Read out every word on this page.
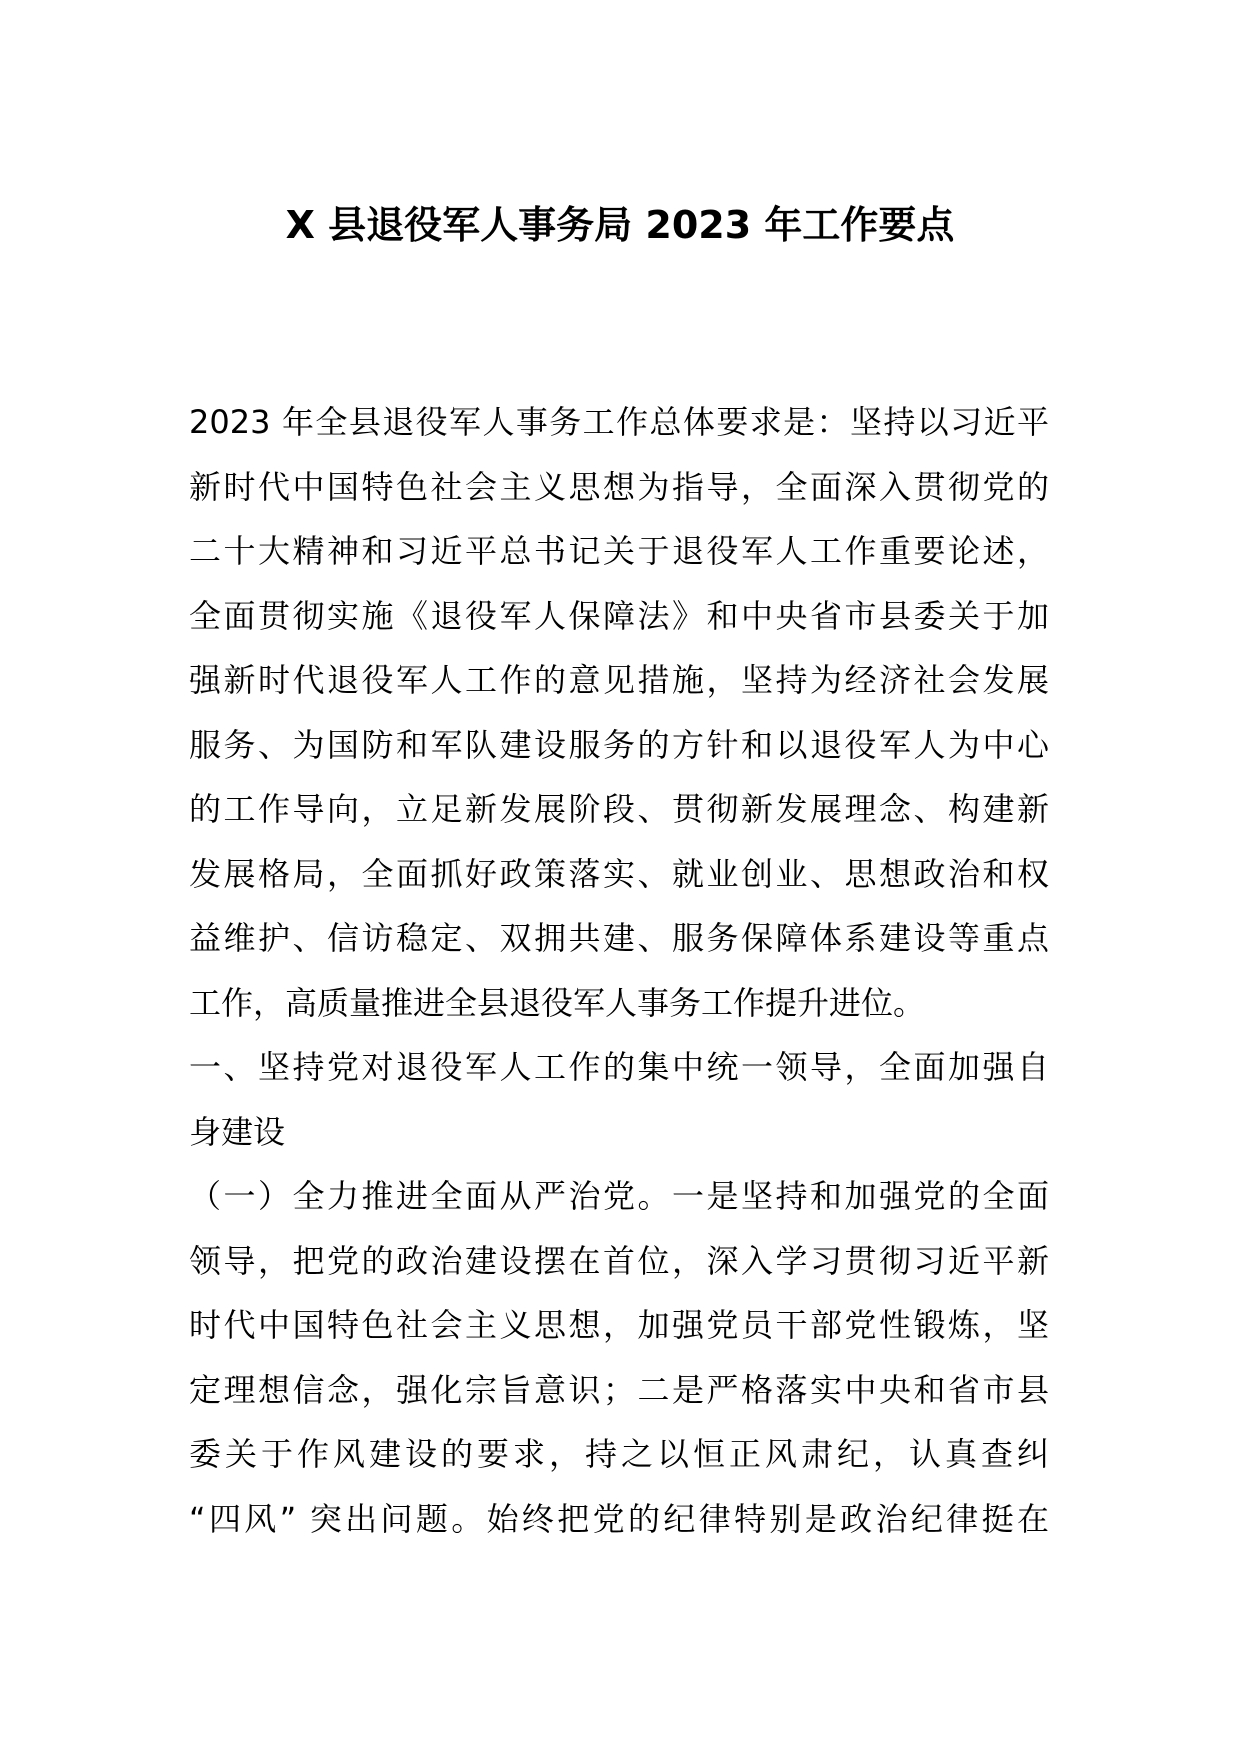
X 县退役军人事务局 2023 年工作要点
2023 年全县退役军人事务工作总体要求是：坚持以习近平
新时代中国特色社会主义思想为指导，全面深入贯彻党的
二十大精神和习近平总书记关于退役军人工作重要论述，
全面贯彻实施《退役军人保障法》和中央省市县委关于加
强新时代退役军人工作的意见措施，坚持为经济社会发展
服务、为国防和军队建设服务的方针和以退役军人为中心
的工作导向，立足新发展阶段、贯彻新发展理念、构建新
发展格局，全面抓好政策落实、就业创业、思想政治和权
益维护、信访稳定、双拥共建、服务保障体系建设等重点
工作，高质量推进全县退役军人事务工作提升进位。
一、坚持党对退役军人工作的集中统一领导，全面加强自
身建设
（一）全力推进全面从严治党。一是坚持和加强党的全面
领导，把党的政治建设摆在首位，深入学习贯彻习近平新
时代中国特色社会主义思想，加强党员干部党性锻炼，坚
定理想信念，强化宗旨意识；二是严格落实中央和省市县
委关于作风建设的要求，持之以恒正风肃纪，认真查纠
“四风” 突出问题。始终把党的纪律特别是政治纪律挺在
